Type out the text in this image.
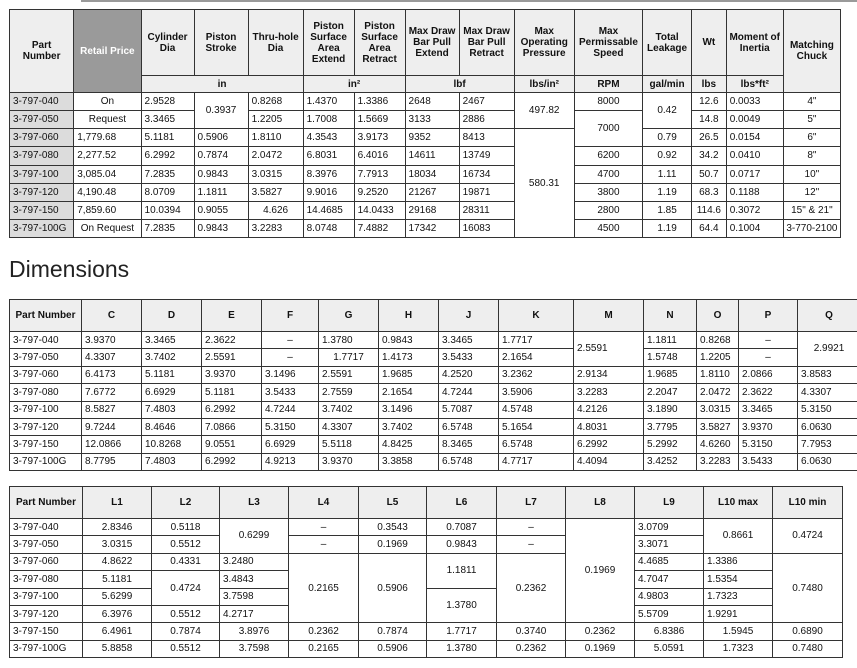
Part Number	Retail Price	Cylinder Dia	Piston Stroke	Thru-hole Dia	Piston Surface Area Extend	Piston Surface Area Retract	Max Draw Bar Pull Extend	Max Draw Bar Pull Retract	Max Operating Pressure	Max Permissable Speed	Total Leakage	Wt	Moment of Inertia	Matching Chuck
		in			in²		lbf		lbs/in²	RPM	gal/min	lbs	lbs*ft²	
3-797-040	On	2.9528	0.3937	0.8268	1.4370	1.3386	2648	2467	497.82	8000	0.42	12.6	0.0033	4"
3-797-050	Request	3.3465		1.2205	1.7008	1.5669	3133	2886		7000		14.8	0.0049	5"
3-797-060	1,779.68	5.1181	0.5906	1.8110	4.3543	3.9173	9352	8413	580.31		0.79	26.5	0.0154	6"
3-797-080	2,277.52	6.2992	0.7874	2.0472	6.8031	6.4016	14611	13749		6200	0.92	34.2	0.0410	8"
3-797-100	3,085.04	7.2835	0.9843	3.0315	8.3976	7.7913	18034	16734		4700	1.11	50.7	0.0717	10"
3-797-120	4,190.48	8.0709	1.1811	3.5827	9.9016	9.2520	21267	19871		3800	1.19	68.3	0.1188	12"
3-797-150	7,859.60	10.0394	0.9055	4.626	14.4685	14.0433	29168	28311		2800	1.85	114.6	0.3072	15" & 21"
3-797-100G	On Request	7.2835	0.9843	3.2283	8.0748	7.4882	17342	16083		4500	1.19	64.4	0.1004	3-770-2100
Dimensions
Part Number	C	D	E	F	G	H	J	K	M	N	O	P	Q
3-797-040	3.9370	3.3465	2.3622	–	1.3780	0.9843	3.3465	1.7717	2.5591	1.1811	0.8268	–	2.9921
3-797-050	4.3307	3.7402	2.5591	–	1.7717	1.4173	3.5433	2.1654		1.5748	1.2205	–	
3-797-060	6.4173	5.1181	3.9370	3.1496	2.5591	1.9685	4.2520	3.2362	2.9134	1.9685	1.8110	2.0866	3.8583
3-797-080	7.6772	6.6929	5.1181	3.5433	2.7559	2.1654	4.7244	3.5906	3.2283	2.2047	2.0472	2.3622	4.3307
3-797-100	8.5827	7.4803	6.2992	4.7244	3.7402	3.1496	5.7087	4.5748	4.2126	3.1890	3.0315	3.3465	5.3150
3-797-120	9.7244	8.4646	7.0866	5.3150	4.3307	3.7402	6.5748	5.1654	4.8031	3.7795	3.5827	3.9370	6.0630
3-797-150	12.0866	10.8268	9.0551	6.6929	5.5118	4.8425	8.3465	6.5748	6.2992	5.2992	4.6260	5.3150	7.7953
3-797-100G	8.7795	7.4803	6.2992	4.9213	3.9370	3.3858	6.5748	4.7717	4.4094	3.4252	3.2283	3.5433	6.0630
Part Number	L1	L2	L3	L4	L5	L6	L7	L8	L9	L10 max	L10 min
3-797-040	2.8346	0.5118	0.6299	–	0.3543	0.7087	–	0.1969	3.0709	0.8661	0.4724
3-797-050	3.0315	0.5512		–	0.1969	0.9843	–		3.3071		
3-797-060	4.8622	0.4331	3.2480	0.2165	0.5906	1.1811	0.2362		4.4685	1.3386	0.7480
3-797-080	5.1181	0.4724	3.4843						4.7047	1.5354	
3-797-100	5.6299		3.7598			1.3780			4.9803	1.7323	
3-797-120	6.3976	0.5512	4.2717						5.5709	1.9291	
3-797-150	6.4961	0.7874	3.8976	0.2362	0.7874	1.7717	0.3740	0.2362	6.8386	1.5945	0.6890
3-797-100G	5.8858	0.5512	3.7598	0.2165	0.5906	1.3780	0.2362	0.1969	5.0591	1.7323	0.7480
